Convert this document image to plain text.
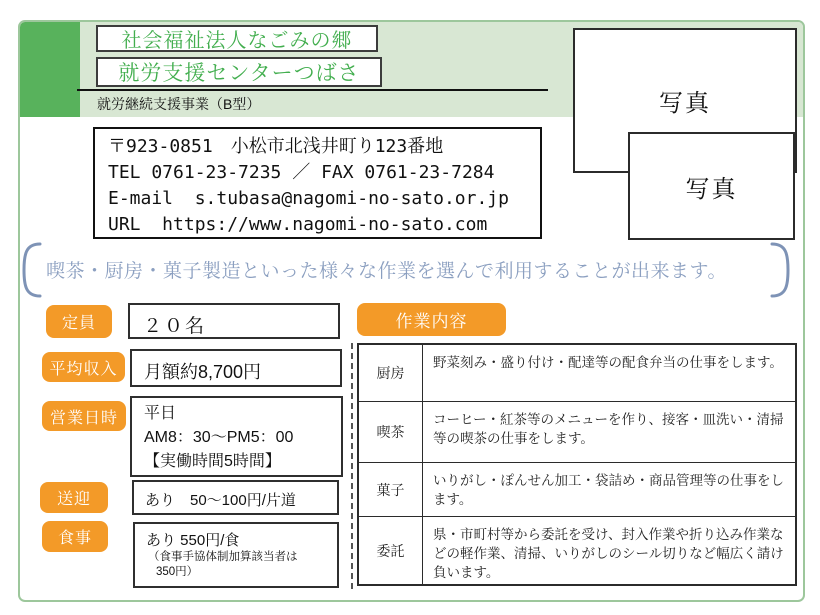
社会福祉法人なごみの郷
就労支援センターつばさ
就労継続支援事業（B型）	写真
写真
〒923-0851　小松市北浅井町り123番地
TEL 0761-23-7235 ／ FAX 0761-23-7284
E-mail  s.tubasa@nagomi-no-sato.or.jp
URL  https://www.nagomi-no-sato.com
喫茶・厨房・菓子製造といった様々な作業を選んで利用することが出来ます。
定員	２０名
平均収入	月額約8,700円
営業日時 平日
AM8：30～PM5：00
【実働時間5時間】
送迎	あり　50～100円/片道
食事	あり 550円/食
（食事手協体制加算該当者は
350円）
作業内容
厨房
野菜刻み・盛り付け・配達等の配食弁当の仕事をします。
喫茶
コーヒー・紅茶等のメニューを作り、接客・皿洗い・清掃等の喫茶の仕事をします。
菓子
いりがし・ぽんせん加工・袋詰め・商品管理等の仕事をします。
委託
県・市町村等から委託を受け、封入作業や折り込み作業などの軽作業、清掃、いりがしのシール切りなど幅広く請け負います。
